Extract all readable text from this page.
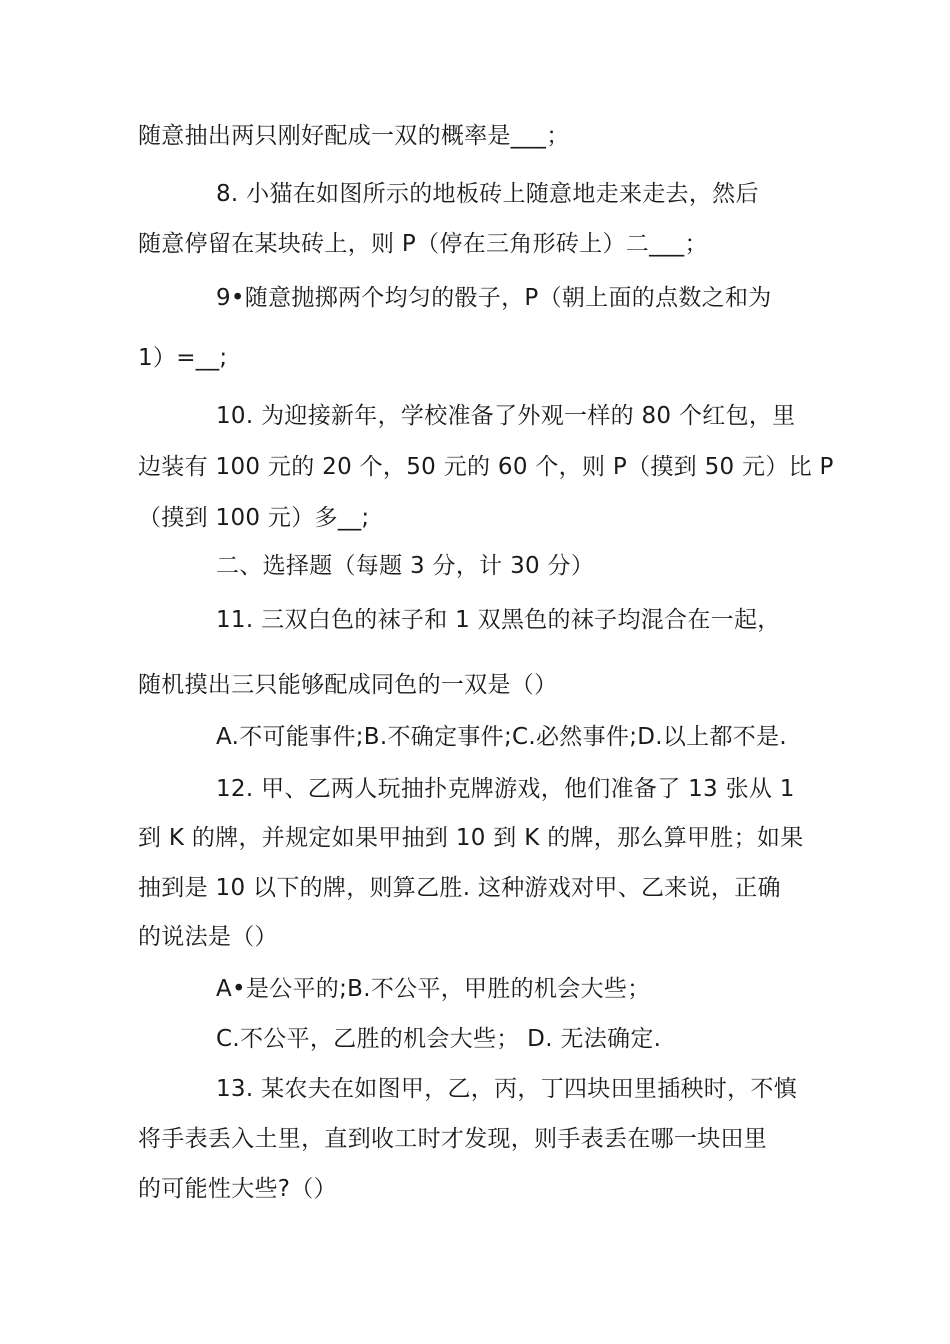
随意抽出两只刚好配成一双的概率是___；
8. 小猫在如图所示的地板砖上随意地走来走去，然后
随意停留在某块砖上，则 P（停在三角形砖上）二___；
9•随意抛掷两个均匀的骰子，P（朝上面的点数之和为
1）=__;
10. 为迎接新年，学校准备了外观一样的 80 个红包，里
边装有 100 元的 20 个，50 元的 60 个，则 P（摸到 50 元）比 P
（摸到 100 元）多__;
二、选择题（每题 3 分，计 30 分）
11. 三双白色的袜子和 1 双黑色的袜子均混合在一起，
随机摸出三只能够配成同色的一双是（）
A.不可能事件;B.不确定事件;C.必然事件;D.以上都不是.
12. 甲、乙两人玩抽扑克牌游戏，他们准备了 13 张从 1
到 K 的牌，并规定如果甲抽到 10 到 K 的牌，那么算甲胜；如果
抽到是 10 以下的牌，则算乙胜. 这种游戏对甲、乙来说，正确
的说法是（）
A•是公平的;B.不公平，甲胜的机会大些；
C.不公平，乙胜的机会大些； D. 无法确定.
13. 某农夫在如图甲，乙，丙，丁四块田里插秧时，不慎
将手表丢入土里，直到收工时才发现，则手表丢在哪一块田里
的可能性大些?（）
